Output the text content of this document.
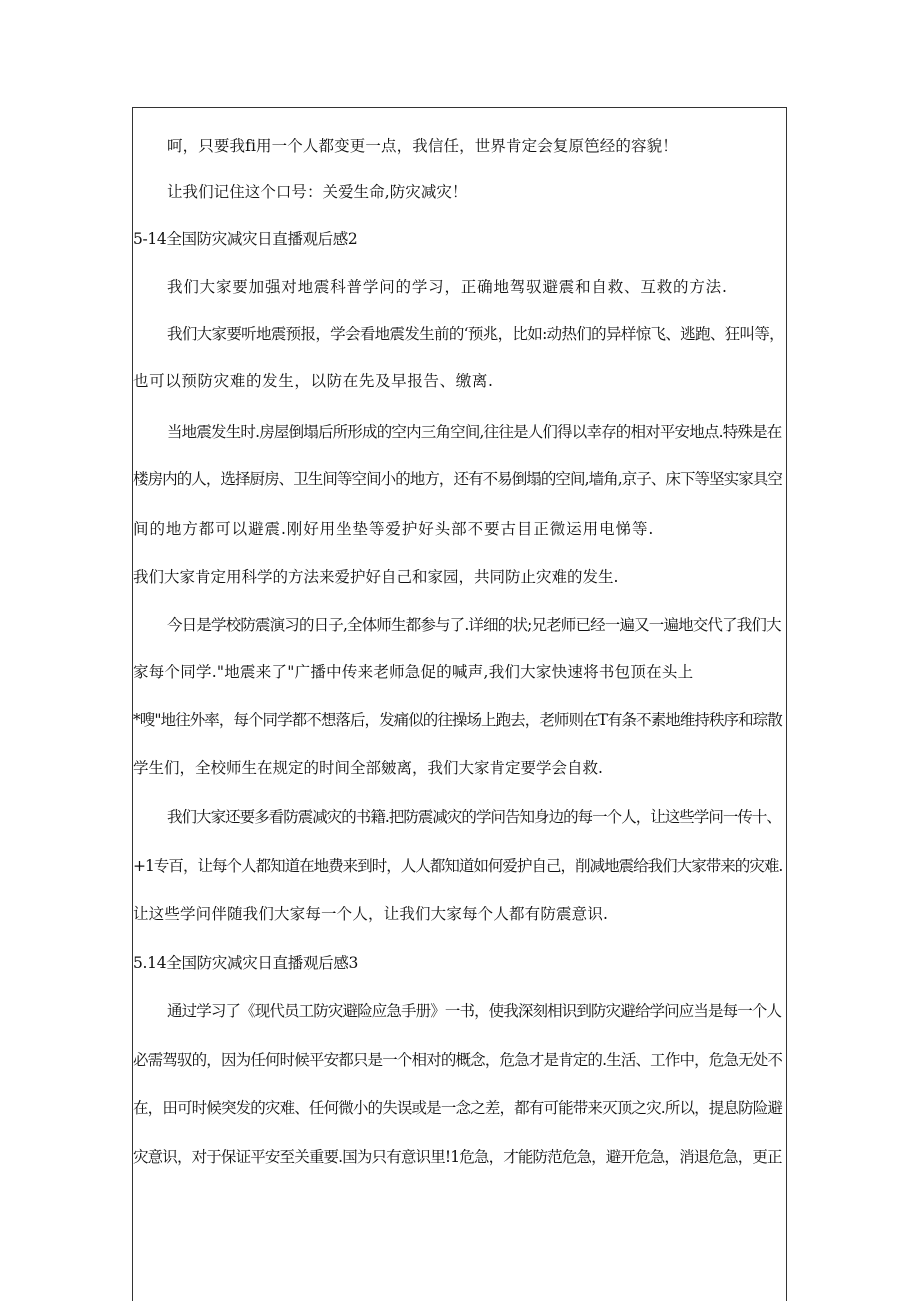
呵，只要我fi用一个人都变更一点，我信任，世界肯定会复原笆经的容貌！
让我们记住这个口号：关爱生命,防灾减灾！
5-14全国防灾减灾日直播观后感2
我们大家要加强对地震科普学问的学习，正确地驾驭避震和自救、互救的方法.
我们大家要听地震预报，学会看地震发生前的‘预兆，比如:动热们的异样惊飞、逃跑、狂叫等，
也可以预防灾难的发生，以防在先及早报告、缴离.
当地震发生时.房屋倒塌后所形成的空内三角空间,往往是人们得以幸存的相对平安地点.特殊是在
楼房内的人，选择厨房、卫生间等空间小的地方，还有不易倒塌的空间,墙角,京子、床下等坚实家具空
间的地方都可以避震.刚好用坐垫等爱护好头部不要古目正微运用电悌等.
我们大家肯定用科学的方法来爱护好自己和家园，共同防止灾难的发生.
今日是学校防震演习的日子,全体师生都参与了.详细的状;兄老师已经一遍又一遍地交代了我们大
家每个同学."地震来了"广播中传来老师急促的喊声,我们大家快速将书包顶在头上
*嗖"地往外率，每个同学都不想落后，发痛似的往操场上跑去，老师则在T有条不素地维持秩序和琮散
学生们，全校师生在规定的时间全部皴离，我们大家肯定要学会自救.
我们大家还要多看防震减灾的书籍.把防震减灾的学问告知身边的每一个人，让这些学问一传十、
+1专百，让每个人都知道在地费来到时，人人都知道如何爱护自己，削减地震给我们大家带来的灾难.
让这些学问伴随我们大家每一个人，让我们大家每个人都有防震意识.
5.14全国防灾减灾日直播观后感3
通过学习了《现代员工防灾避险应急手册》一书，使我深刻相识到防灾避给学问应当是每一个人
必需驾驭的，因为任何时候平安都只是一个相对的概念，危急才是肯定的.生活、工作中，危急无处不
在，田可时候突发的灾难、任何微小的失误或是一念之差，都有可能带来灭顶之灾.所以，提息防险避
灾意识，对于保证平安至关重要.国为只有意识里!1危急，才能防范危急，避开危急，消退危急，更正
